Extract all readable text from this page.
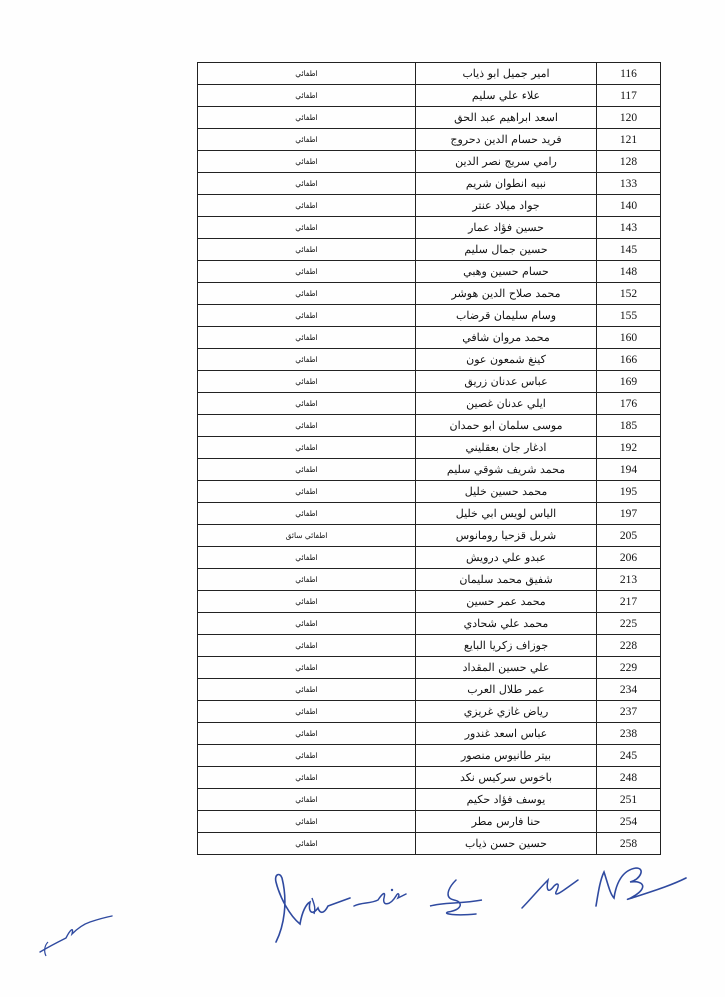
اطفائي	امير جميل ابو ذياب	116
اطفائي	علاء علي سليم	117
اطفائي	اسعد ابراهيم عبد الحق	120
اطفائي	فريد حسام الدين دحروج	121
اطفائي	رامي سريج نصر الدين	128
اطفائي	نبيه انطوان شريم	133
اطفائي	جواد ميلاد عنتر	140
اطفائي	حسين فؤاد عمار	143
اطفائي	حسين جمال سليم	145
اطفائي	حسام حسين وهبي	148
اطفائي	محمد صلاح الدين هوشر	152
اطفائي	وسام سليمان قرضاب	155
اطفائي	محمد مروان شافي	160
اطفائي	كينغ شمعون عون	166
اطفائي	عباس عدنان زريق	169
اطفائي	ايلي عدنان غصين	176
اطفائي	موسى سلمان ابو حمدان	185
اطفائي	ادغار جان بعقليني	192
اطفائي	محمد شريف شوقي سليم	194
اطفائي	محمد حسين خليل	195
اطفائي	الياس لويس ابي خليل	197
اطفائي سائق	شربل قزحيا رومانوس	205
اطفائي	عبدو علي درويش	206
اطفائي	شفيق محمد سليمان	213
اطفائي	محمد عمر حسين	217
اطفائي	محمد علي شحادي	225
اطفائي	جوزاف زكريا البايع	228
اطفائي	علي حسين المقداد	229
اطفائي	عمر طلال العرب	234
اطفائي	رياض غازي غريزي	237
اطفائي	عباس اسعد غندور	238
اطفائي	بيتر طانيوس منصور	245
اطفائي	باخوس سركيس نكد	248
اطفائي	يوسف فؤاد حكيم	251
اطفائي	حنا فارس مطر	254
اطفائي	حسين حسن ذياب	258
